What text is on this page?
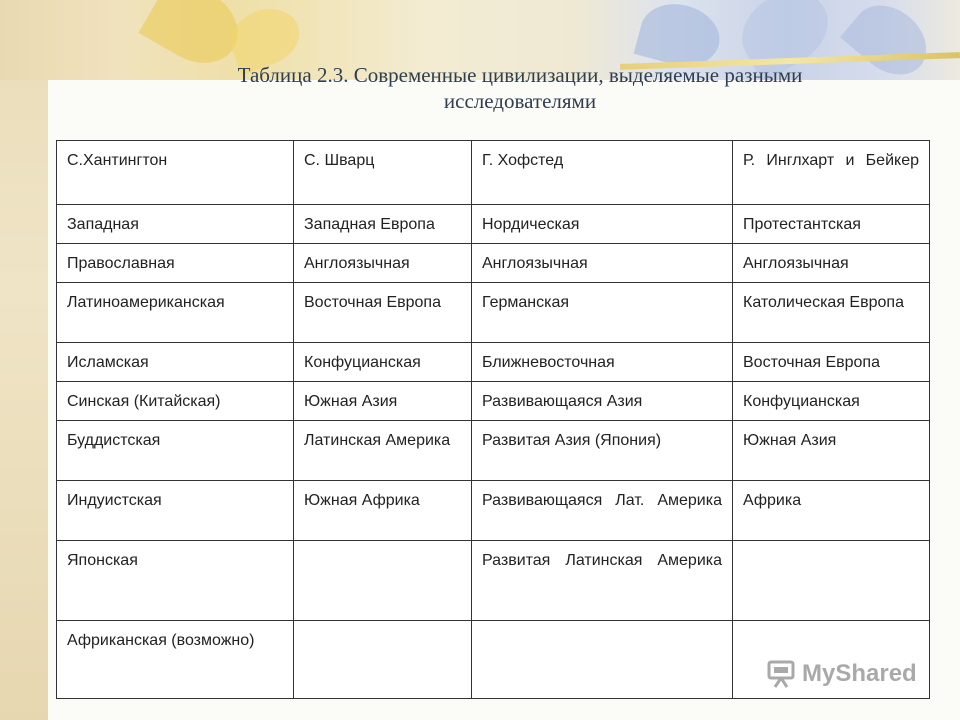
Таблица 2.3. Современные цивилизации, выделяемые разными
исследователями
С.Хантингтон	С. Шварц	Г. Хофстед	Р. Инглхарт и Бейкер
Западная	Западная Европа	Нордическая	Протестантская
Православная	Англоязычная	Англоязычная	Англоязычная
Латиноамериканская	Восточная Европа	Германская	Католическая Европа
Исламская	Конфуцианская	Ближневосточная	Восточная Европа
Синская (Китайская)	Южная Азия	Развивающаяся Азия	Конфуцианская
Буддистская	Латинская Америка	Развитая Азия (Япония)	Южная Азия
Индуистская	Южная Африка	Развивающаяся Лат. Америка	Африка
Японская		Развитая Латинская Америка	
Африканская (возможно)			
MyShared
